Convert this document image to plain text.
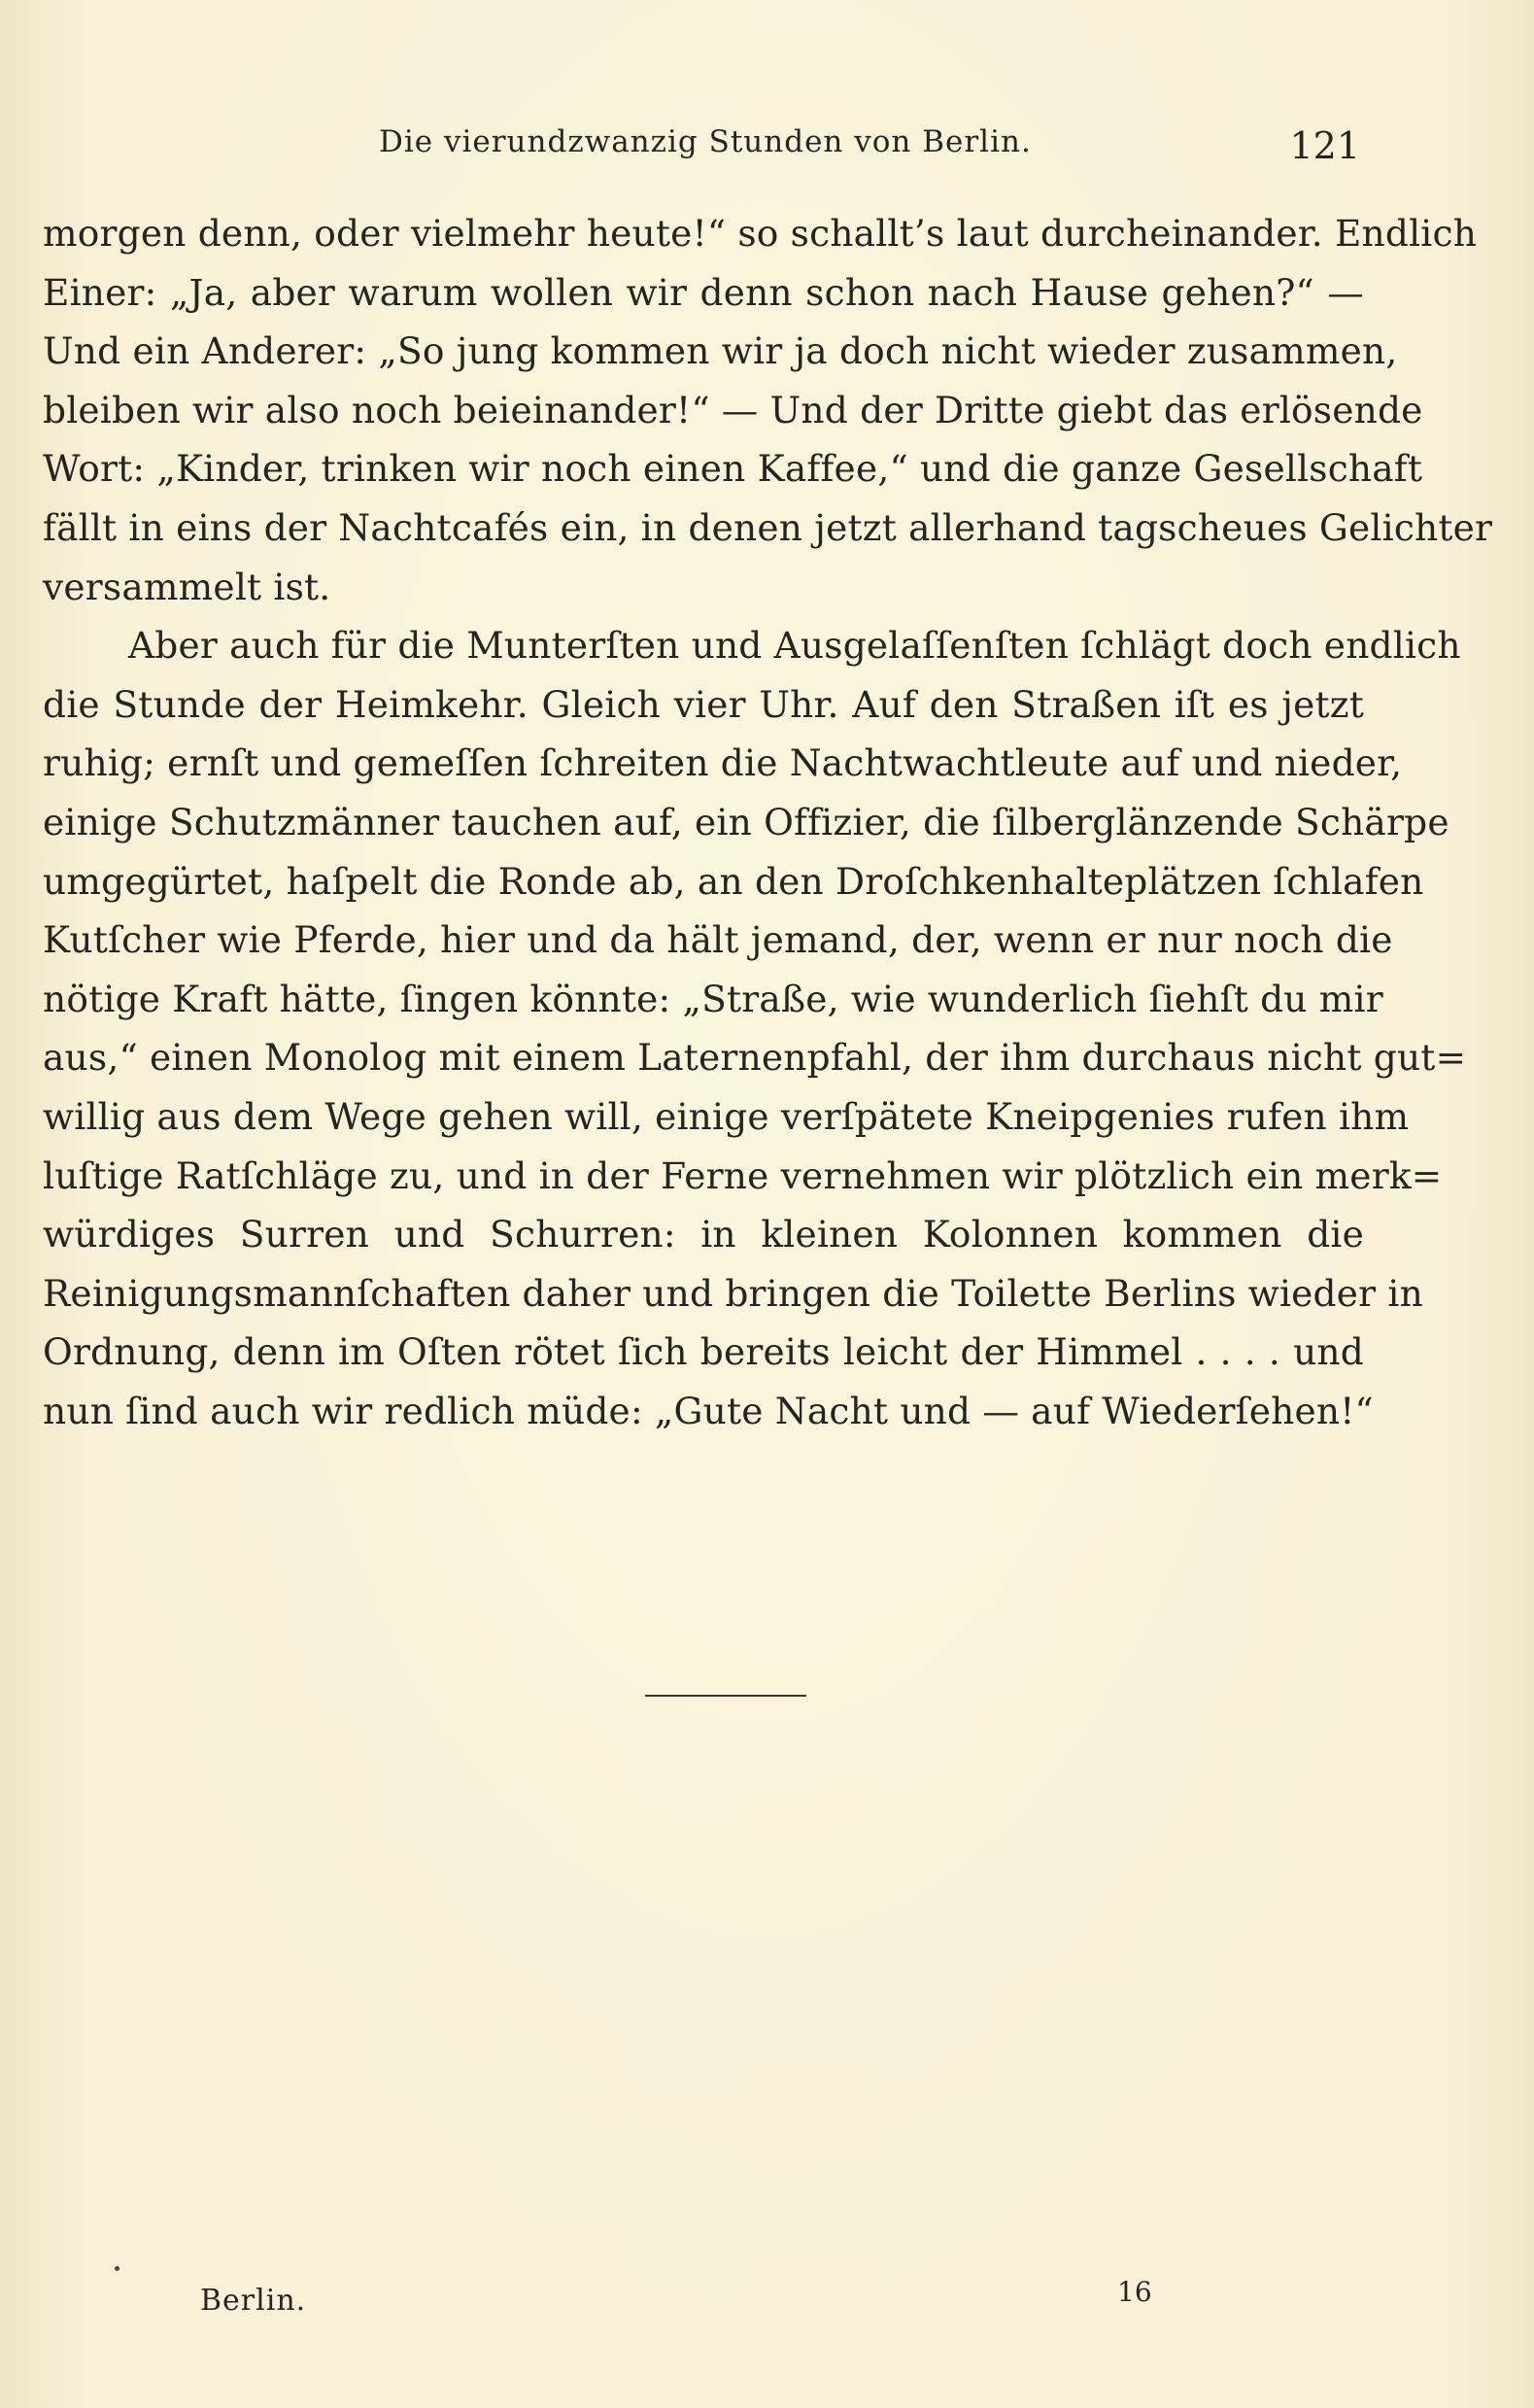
Die vierundzwanzig Stunden von Berlin.	121
morgen denn, oder vielmehr heute!“ so schallt’s laut durcheinander. Endlich
Einer: „Ja, aber warum wollen wir denn schon nach Hause gehen?“ —
Und ein Anderer: „So jung kommen wir ja doch nicht wieder zusammen,
bleiben wir also noch beieinander!“ — Und der Dritte giebt das erlösende
Wort: „Kinder, trinken wir noch einen Kaffee,“ und die ganze Gesellschaft
fällt in eins der Nachtcafés ein, in denen jetzt allerhand tagscheues Gelichter
versammelt ist.
Aber auch für die Munterſten und Ausgelaſſenſten ſchlägt doch endlich
die Stunde der Heimkehr. Gleich vier Uhr. Auf den Straßen iſt es jetzt
ruhig; ernſt und gemeſſen ſchreiten die Nachtwachtleute auf und nieder,
einige Schutzmänner tauchen auf, ein Offizier, die ſilberglänzende Schärpe
umgegürtet, haſpelt die Ronde ab, an den Droſchkenhalteplätzen ſchlafen
Kutſcher wie Pferde, hier und da hält jemand, der, wenn er nur noch die
nötige Kraft hätte, ſingen könnte: „Straße, wie wunderlich ſiehſt du mir
aus,“ einen Monolog mit einem Laternenpfahl, der ihm durchaus nicht gut=
willig aus dem Wege gehen will, einige verſpätete Kneipgenies rufen ihm
luſtige Ratſchläge zu, und in der Ferne vernehmen wir plötzlich ein merk=
würdiges Surren und Schurren: in kleinen Kolonnen kommen die
Reinigungsmannſchaften daher und bringen die Toilette Berlins wieder in
Ordnung, denn im Oſten rötet ſich bereits leicht der Himmel . . . . und
nun ſind auch wir redlich müde: „Gute Nacht und — auf Wiederſehen!“
Berlin.	16
